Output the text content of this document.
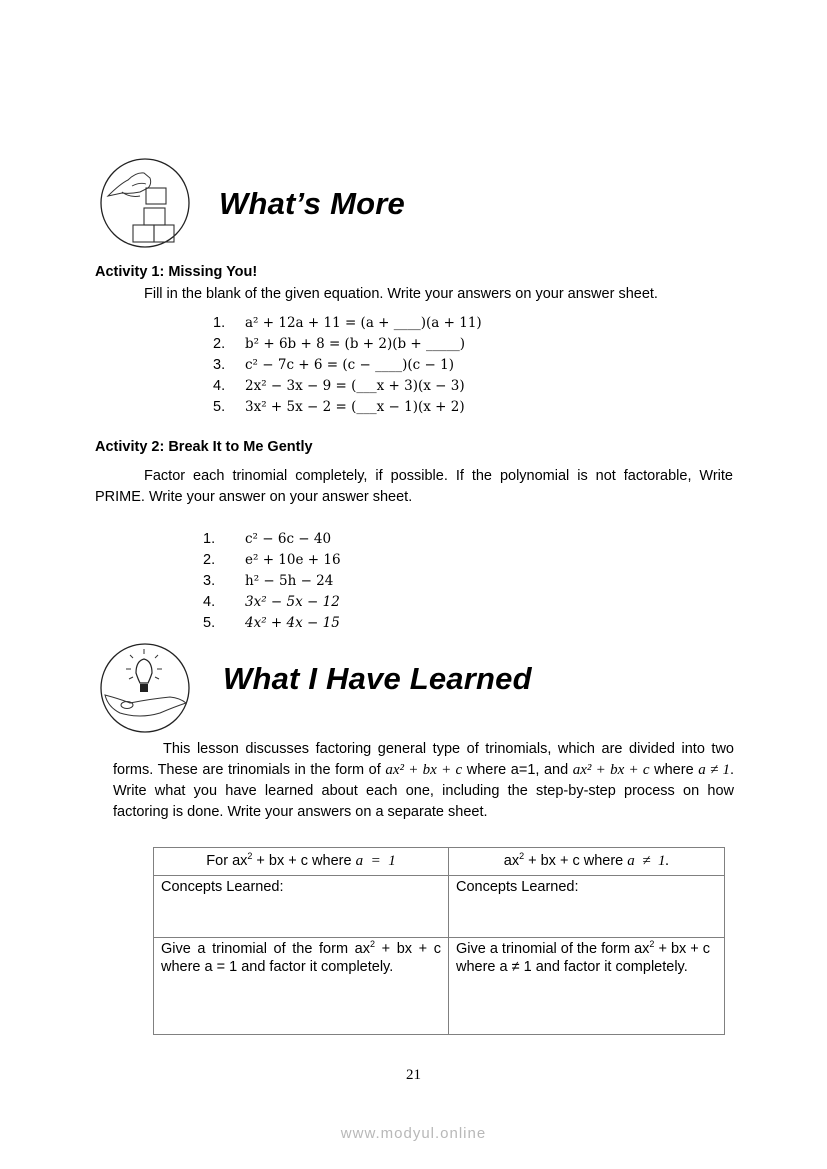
What’s More
Activity 1: Missing You!
Fill in the blank of the given equation. Write your answers on your answer sheet.
1.	a² + 12a + 11 = (a + ____)(a + 11)
2.	b² + 6b + 8 = (b + 2)(b + _____)
3.	c² − 7c + 6 = (c − ____)(c − 1)
4.	2x² − 3x − 9 = (___x + 3)(x − 3)
5.	3x² + 5x − 2 = (___x − 1)(x + 2)
Activity 2: Break It to Me Gently
Factor each trinomial completely, if possible. If the polynomial is not factorable, Write PRIME. Write your answer on your answer sheet.
1.	c² − 6c − 40
2.	e² + 10e + 16
3.	h² − 5h − 24
4.	3x² − 5x − 12
5.	4x² + 4x − 15
What I Have Learned
This lesson discusses factoring general type of trinomials, which are divided into two forms. These are trinomials in the form of ax² + bx + c where a=1, and ax² + bx + c where a ≠ 1. Write what you have learned about each one, including the step-by-step process on how factoring is done. Write your answers on a separate sheet.
For $ax^2$ + bx + c where a  =  1	$ax^2$ + bx + c where a  ≠  1.
Concepts Learned:	Concepts Learned:
Give a trinomial of the form $ax^2$ + bx + c where a = 1 and factor it completely.	Give a trinomial of the form $ax^2$ + bx + c where a ≠ 1 and factor it completely.
21
www.modyul.online
